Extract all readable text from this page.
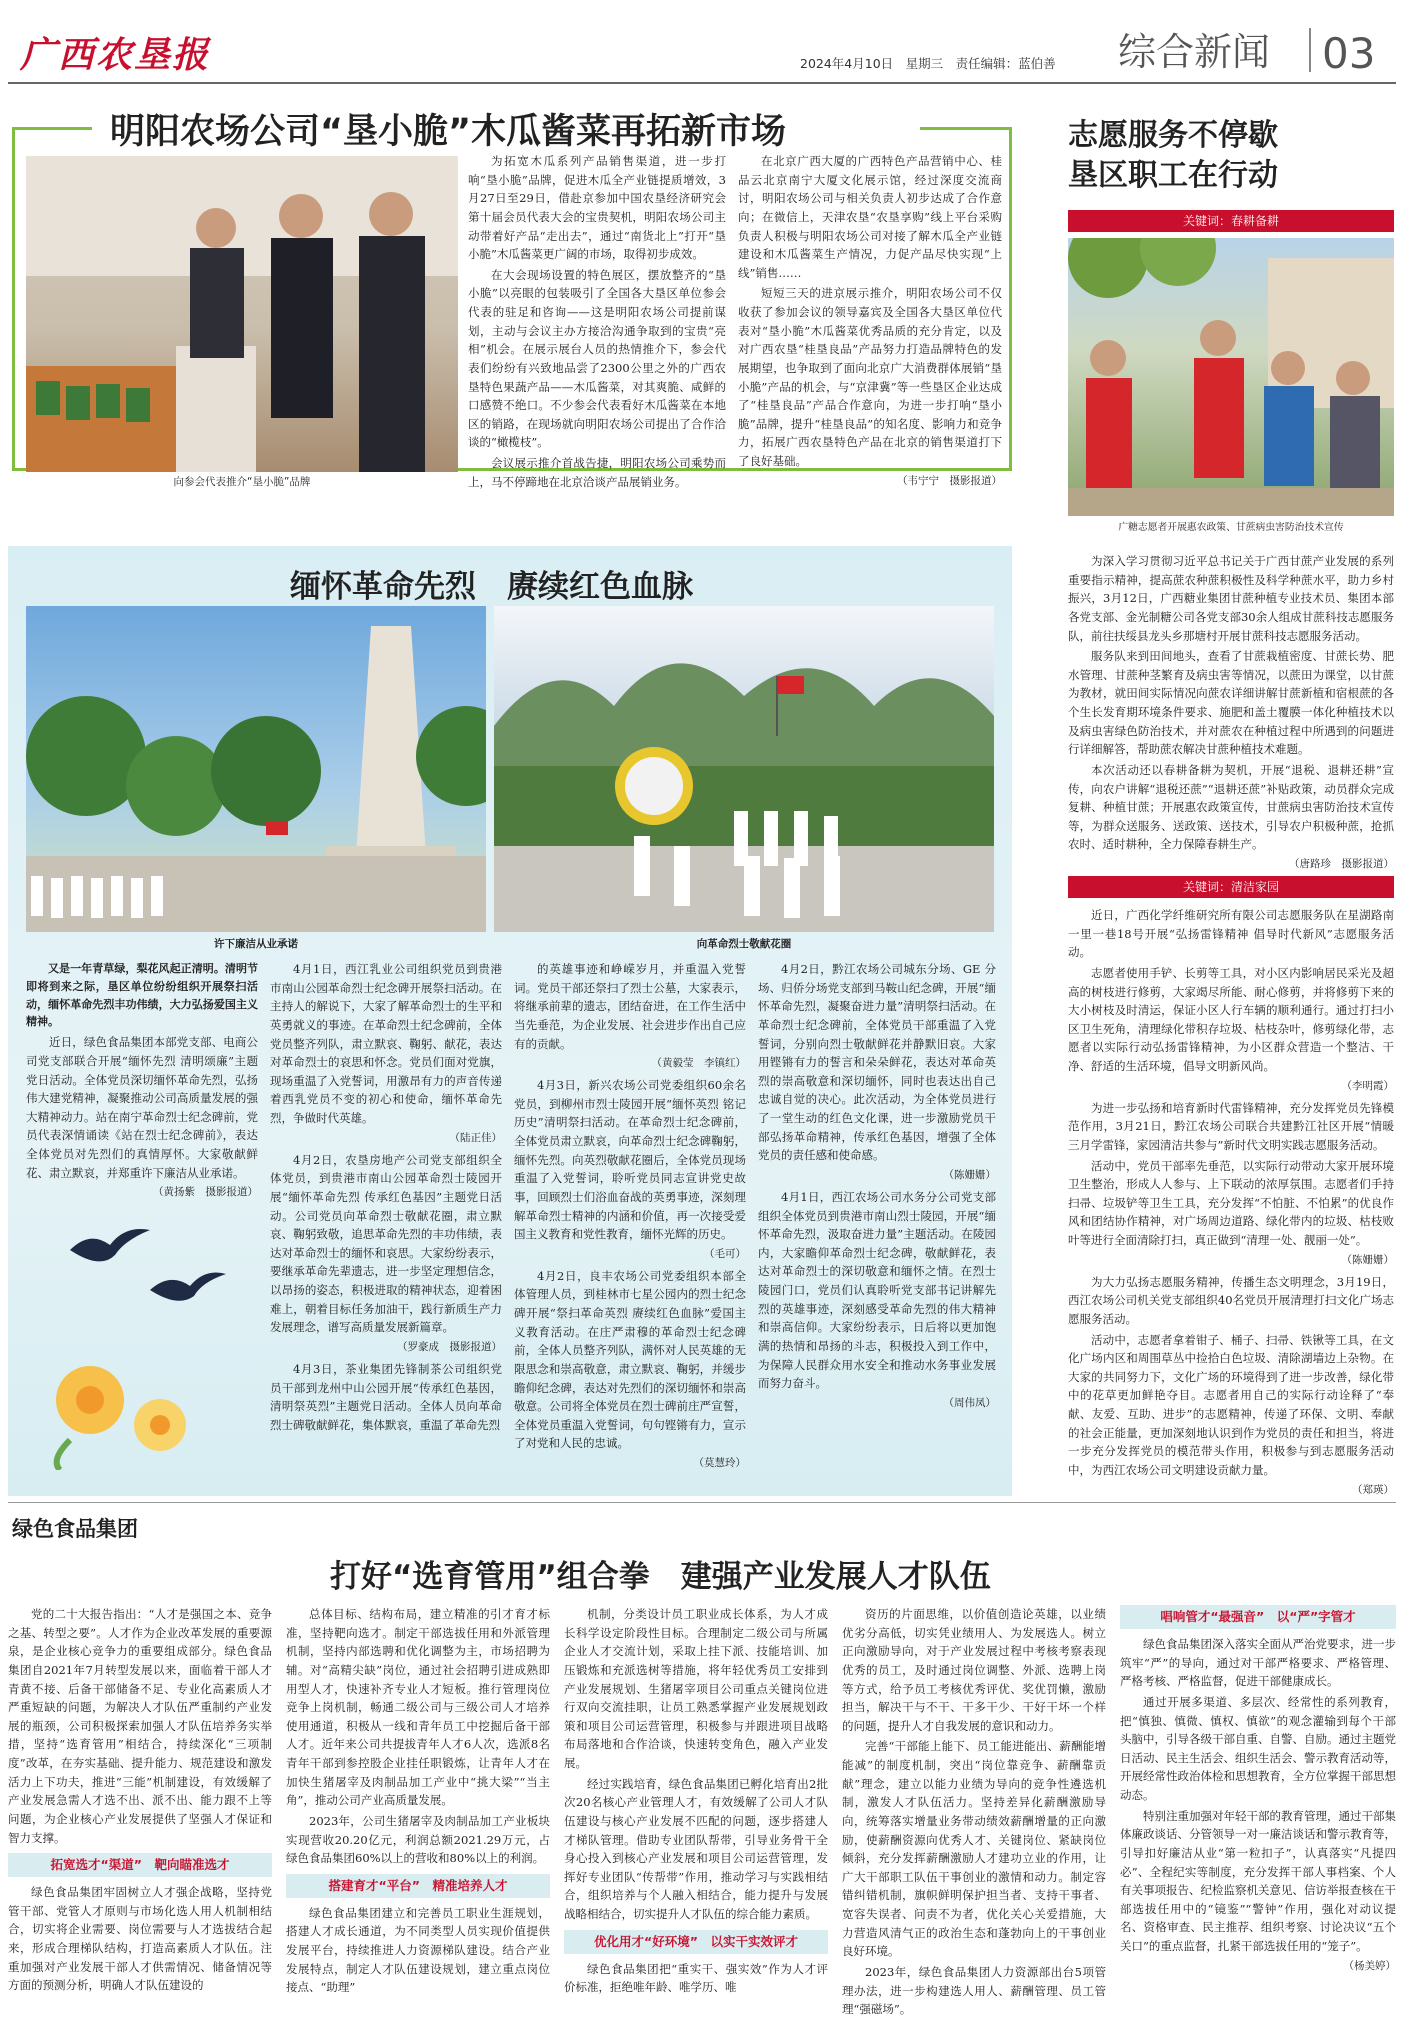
广西农垦报	2024年4月10日　星期三　责任编辑：蓝伯善 综合新闻 03
明阳农场公司“垦小脆”木瓜酱菜再拓新市场
向参会代表推介“垦小脆”品牌

为拓宽木瓜系列产品销售渠道，进一步打响“垦小脆”品牌，促进木瓜全产业链提质增效，3月27日至29日，借赴京参加中国农垦经济研究会第十届会员代表大会的宝贵契机，明阳农场公司主动带着好产品“走出去”，通过“南货北上”打开“垦小脆”木瓜酱菜更广阔的市场，取得初步成效。

在大会现场设置的特色展区，摆放整齐的“垦小脆”以亮眼的包装吸引了全国各大垦区单位参会代表的驻足和咨询——这是明阳农场公司提前谋划，主动与会议主办方接洽沟通争取到的宝贵“亮相”机会。在展示展台人员的热情推介下，参会代表们纷纷有兴致地品尝了2300公里之外的广西农垦特色果蔬产品——木瓜酱菜，对其爽脆、咸鲜的口感赞不绝口。不少参会代表看好木瓜酱菜在本地区的销路，在现场就向明阳农场公司提出了合作洽谈的“橄榄枝”。

会议展示推介首战告捷，明阳农场公司乘势而上，马不停蹄地在北京洽谈产品展销业务。

在北京广西大厦的广西特色产品营销中心、桂品云北京南宁大厦文化展示馆，经过深度交流商讨，明阳农场公司与相关负责人初步达成了合作意向；在微信上，天津农垦“农垦享购”线上平台采购负责人积极与明阳农场公司对接了解木瓜全产业链建设和木瓜酱菜生产情况，力促产品尽快实现“上线”销售……

短短三天的进京展示推介，明阳农场公司不仅收获了参加会议的领导嘉宾及全国各大垦区单位代表对“垦小脆”木瓜酱菜优秀品质的充分肯定，以及对广西农垦“桂垦良品”产品努力打造品牌特色的发展期望，也争取到了面向北京广大消费群体展销“垦小脆”产品的机会，与“京津冀”等一些垦区企业达成了“桂垦良品”产品合作意向，为进一步打响“垦小脆”品牌，提升“桂垦良品”的知名度、影响力和竞争力，拓展广西农垦特色产品在北京的销售渠道打下了良好基础。

（韦宁宁　摄影报道）
志愿服务不停歇
垦区职工在行动
关键词：春耕备耕
广糖志愿者开展惠农政策、甘蔗病虫害防治技术宣传

为深入学习贯彻习近平总书记关于广西甘蔗产业发展的系列重要指示精神，提高蔗农种蔗积极性及科学种蔗水平，助力乡村振兴，3月12日，广西糖业集团甘蔗种植专业技术员、集团本部各党支部、金光制糖公司各党支部30余人组成甘蔗科技志愿服务队，前往扶绥县龙头乡那塘村开展甘蔗科技志愿服务活动。

服务队来到田间地头，查看了甘蔗栽植密度、甘蔗长势、肥水管理、甘蔗种茎繁育及病虫害等情况，以蔗田为课堂，以甘蔗为教材，就田间实际情况向蔗农详细讲解甘蔗新植和宿根蔗的各个生长发育期环境条件要求、施肥和盖土覆膜一体化种植技术以及病虫害绿色防治技术，并对蔗农在种植过程中所遇到的问题进行详细解答，帮助蔗农解决甘蔗种植技术难题。

本次活动还以春耕备耕为契机，开展“退税、退耕还耕”宣传，向农户讲解“退税还蔗”“退耕还蔗”补贴政策，动员群众完成复耕、种植甘蔗；开展惠农政策宣传，甘蔗病虫害防治技术宣传等，为群众送服务、送政策、送技术，引导农户积极种蔗，抢抓农时、适时耕种，全力保障春耕生产。

（唐路珍　摄影报道）
关键词：清洁家园

近日，广西化学纤维研究所有限公司志愿服务队在星湖路南一里一巷18号开展“弘扬雷锋精神 倡导时代新风”志愿服务活动。

志愿者使用手铲、长剪等工具，对小区内影响居民采光及超高的树枝进行修剪，大家竭尽所能、耐心修剪，并将修剪下来的大小树枝及时清运，保证小区人行车辆的顺利通行。通过打扫小区卫生死角，清理绿化带积存垃圾、枯枝杂叶，修剪绿化带，志愿者以实际行动弘扬雷锋精神，为小区群众营造一个整洁、干净、舒适的生活环境，倡导文明新风尚。

（李明霞）

为进一步弘扬和培育新时代雷锋精神，充分发挥党员先锋模范作用，3月21日，黔江农场公司联合共建黔江社区开展“情暖三月学雷锋，家园清洁共参与”新时代文明实践志愿服务活动。

活动中，党员干部率先垂范，以实际行动带动大家开展环境卫生整治，形成人人参与、上下联动的浓厚氛围。志愿者们手持扫帚、垃圾铲等卫生工具，充分发挥“不怕脏、不怕累”的优良作风和团结协作精神，对广场周边道路、绿化带内的垃圾、枯枝败叶等进行全面清除打扫，真正做到“清理一处、靓丽一处”。

（陈姗姗）

为大力弘扬志愿服务精神，传播生态文明理念，3月19日，西江农场公司机关党支部组织40名党员开展清理打扫文化广场志愿服务活动。

活动中，志愿者拿着钳子、桶子、扫帚、铁锹等工具，在文化广场内区和周围草丛中捡拾白色垃圾、清除湖墙边上杂物。在大家的共同努力下，文化广场的环境得到了进一步改善，绿化带中的花草更加鲜艳夺目。志愿者用自己的实际行动诠释了“奉献、友爱、互助、进步”的志愿精神，传递了环保、文明、奉献的社会正能量，更加深刻地认识到作为党员的责任和担当，将进一步充分发挥党员的模范带头作用，积极参与到志愿服务活动中，为西江农场公司文明建设贡献力量。

（郑瑛）
缅怀革命先烈　赓续红色血脉
许下廉洁从业承诺	向革命烈士敬献花圈

又是一年青草绿，梨花风起正清明。清明节即将到来之际，垦区单位纷纷组织开展祭扫活动，缅怀革命先烈丰功伟绩，大力弘扬爱国主义精神。

近日，绿色食品集团本部党支部、电商公司党支部联合开展“缅怀先烈 清明颂廉”主题党日活动。全体党员深切缅怀革命先烈，弘扬伟大建党精神，凝聚推动公司高质量发展的强大精神动力。站在南宁革命烈士纪念碑前，党员代表深情诵读《站在烈士纪念碑前》，表达全体党员对先烈们的真情厚怀。大家敬献鲜花、肃立默哀，并郑重许下廉洁从业承诺。

（黄扬紫　摄影报道）

4月1日，西江乳业公司组织党员到贵港市南山公园革命烈士纪念碑开展祭扫活动。在主持人的解说下，大家了解革命烈士的生平和英勇就义的事迹。在革命烈士纪念碑前，全体党员整齐列队，肃立默哀、鞠躬、献花，表达对革命烈士的哀思和怀念。党员们面对党旗，现场重温了入党誓词，用激昂有力的声音传递着西乳党员不变的初心和使命，缅怀革命先烈，争做时代英雄。

（陆正佳）

4月2日，农垦房地产公司党支部组织全体党员，到贵港市南山公园革命烈士陵园开展“缅怀革命先烈 传承红色基因”主题党日活动。公司党员向革命烈士敬献花圈，肃立默哀、鞠躬致敬，追思革命先烈的丰功伟绩，表达对革命烈士的缅怀和哀思。大家纷纷表示，要继承革命先辈遗志，进一步坚定理想信念，以昂扬的姿态，积极进取的精神状态，迎着困难上，朝着目标任务加油干，践行新质生产力发展理念，谱写高质量发展新篇章。

（罗豪成　摄影报道）

4月3日，茶业集团先锋制茶公司组织党员干部到龙州中山公园开展“传承红色基因，清明祭英烈”主题党日活动。全体人员向革命烈士碑敬献鲜花，集体默哀，重温了革命先烈

的英雄事迹和峥嵘岁月，并重温入党誓词。党员干部还祭扫了烈士公墓，大家表示，将继承前辈的遗志，团结奋进，在工作生活中当先垂范，为企业发展、社会进步作出自己应有的贡献。

（黄毅莹　李镇红）

4月3日，新兴农场公司党委组织60余名党员，到柳州市烈士陵园开展“缅怀英烈 铭记历史”清明祭扫活动。在革命烈士纪念碑前，全体党员肃立默哀，向革命烈士纪念碑鞠躬，缅怀先烈。向英烈敬献花圈后，全体党员现场重温了入党誓词，聆听党员同志宣讲党史故事，回顾烈士们浴血奋战的英勇事迹，深刻理解革命烈士精神的内涵和价值，再一次接受爱国主义教育和党性教育，缅怀光辉的历史。

（毛可）

4月2日，良丰农场公司党委组织本部全体管理人员，到桂林市七星公园内的烈士纪念碑开展“祭扫革命英烈 赓续红色血脉”爱国主义教育活动。在庄严肃穆的革命烈士纪念碑前，全体人员整齐列队，满怀对人民英雄的无限思念和崇高敬意，肃立默哀、鞠躬，并缓步瞻仰纪念碑，表达对先烈们的深切缅怀和崇高敬意。公司将全体党员在烈士碑前庄严宣誓，全体党员重温入党誓词，句句铿锵有力，宣示了对党和人民的忠诚。

（莫慧玲）

4月2日，黔江农场公司城东分场、GE 分场、归侨分场党支部到马鞍山纪念碑，开展“缅怀革命先烈，凝聚奋进力量”清明祭扫活动。在革命烈士纪念碑前，全体党员干部重温了入党誓词，分别向烈士敬献鲜花并静默旧哀。大家用铿锵有力的誓言和朵朵鲜花，表达对革命英烈的崇高敬意和深切缅怀，同时也表达出自己忠诚自觉的决心。此次活动，为全体党员进行了一堂生动的红色文化课，进一步激励党员干部弘扬革命精神，传承红色基因，增强了全体党员的责任感和使命感。

（陈姗姗）

4月1日，西江农场公司水务分公司党支部组织全体党员到贵港市南山烈士陵园，开展“缅怀革命先烈，汲取奋进力量”主题活动。在陵园内，大家瞻仰革命烈士纪念碑，敬献鲜花，表达对革命烈士的深切敬意和缅怀之情。在烈士陵园门口，党员们认真聆听党支部书记讲解先烈的英雄事迹，深刻感受革命先烈的伟大精神和崇高信仰。大家纷纷表示，日后将以更加饱满的热情和昂扬的斗志，积极投入到工作中，为保障人民群众用水安全和推动水务事业发展而努力奋斗。

（周伟凤）
绿色食品集团
打好“选育管用”组合拳　建强产业发展人才队伍

党的二十大报告指出：“人才是强国之本、竞争之基、转型之要”。人才作为企业改革发展的重要源泉，是企业核心竞争力的重要组成部分。绿色食品集团自2021年7月转型发展以来，面临着干部人才青黄不接、后备干部储备不足、专业化高素质人才严重短缺的问题，为解决人才队伍严重制约产业发展的瓶颈，公司积极探索加强人才队伍培养务实举措，坚持“选育管用”相结合，持续深化“三项制度”改革，在夯实基础、提升能力、规范建设和激发活力上下功夫，推进“三能”机制建设，有效缓解了产业发展急需人才选不出、派不出、能力跟不上等问题，为企业核心产业发展提供了坚强人才保证和智力支撑。

拓宽选才“渠道”　靶向瞄准选才

绿色食品集团牢固树立人才强企战略，坚持党管干部、党管人才原则与市场化选人用人机制相结合，切实将企业需要、岗位需要与人才选拔结合起来，形成合理梯队结构，打造高素质人才队伍。注重加强对产业发展干部人才供需情况、储备情况等方面的预测分析，明确人才队伍建设的

总体目标、结构布局，建立精准的引才育才标准，坚持靶向选才。制定干部选拔任用和外派管理机制，坚持内部选聘和优化调整为主，市场招聘为辅。对“高精尖缺”岗位，通过社会招聘引进成熟即用型人才，快速补齐专业人才短板。推行管理岗位竞争上岗机制，畅通二级公司与三级公司人才培养使用通道，积极从一线和青年员工中挖掘后备干部人才。近年来公司共提拔青年人才6人次，选派8名青年干部到参控股企业挂任职锻炼，让青年人才在加快生猪屠宰及肉制品加工产业中“挑大梁”“当主角”，推动公司产业高质量发展。

2023年，公司生猪屠宰及肉制品加工产业板块实现营收20.20亿元，利润总额2021.29万元，占绿色食品集团60%以上的营收和80%以上的利润。

搭建育才“平台”　精准培养人才

绿色食品集团建立和完善员工职业生涯规划，搭建人才成长通道，为不同类型人员实现价值提供发展平台，持续推进人力资源梯队建设。结合产业发展特点，制定人才队伍建设规划，建立重点岗位接点、“助理”

机制，分类设计员工职业成长体系，为人才成长科学设定阶段性目标。合理制定二级公司与所属企业人才交流计划，采取上挂下派、技能培训、加压锻炼和充派选树等措施，将年轻优秀员工安排到产业发展规划、生猪屠宰项目公司重点关键岗位进行双向交流挂职，让员工熟悉掌握产业发展规划政策和项目公司运营管理，积极参与并跟进项目战略布局落地和合作洽谈，快速转变角色，融入产业发展。

经过实践培育，绿色食品集团已孵化培育出2批次20名核心产业管理人才，有效缓解了公司人才队伍建设与核心产业发展不匹配的问题，逐步搭建人才梯队管理。借助专业团队帮带，引导业务骨干全身心投入到核心产业发展和项目公司运营管理，发挥好专业团队“传帮带”作用，推动学习与实践相结合，组织培养与个人融入相结合，能力提升与发展战略相结合，切实提升人才队伍的综合能力素质。

优化用才“好环境”　以实干实效评才

绿色食品集团把“重实干、强实效”作为人才评价标准，拒绝唯年龄、唯学历、唯

资历的片面思维，以价值创造论英雄，以业绩优劣分高低，切实凭业绩用人、为发展选人。树立正向激励导向，对于产业发展过程中考核考察表现优秀的员工，及时通过岗位调整、外派、选聘上岗等方式，给予员工考核优秀评优、奖优罚懒，激励担当，解决干与不干、干多干少、干好干坏一个样的问题，提升人才自我发展的意识和动力。

完善“干部能上能下、员工能进能出、薪酬能增能减”的制度机制，突出“岗位靠竞争、薪酬靠贡献”理念，建立以能力业绩为导向的竞争性遴选机制，激发人才队伍活力。坚持差异化薪酬激励导向，统筹落实增量业务带动绩效薪酬增量的正向激励，使薪酬资源向优秀人才、关键岗位、紧缺岗位倾斜，充分发挥薪酬激励人才建功立业的作用，让广大干部职工队伍干事创业的激情和动力。制定容错纠错机制，旗帜鲜明保护担当者、支持干事者、宽容失误者、问责不为者，优化关心关爱措施，大力营造风清气正的政治生态和蓬勃向上的干事创业良好环境。

2023年，绿色食品集团人力资源部出台5项管理办法，进一步构建选人用人、薪酬管理、员工管理“强磁场”。

唱响管才“最强音”　以“严”字管才

绿色食品集团深入落实全面从严治党要求，进一步筑牢“严”的导向，通过对干部严格要求、严格管理、严格考核、严格监督，促进干部健康成长。

通过开展多渠道、多层次、经常性的系列教育，把“慎独、慎微、慎权、慎欲”的观念灌输到每个干部头脑中，引导各级干部自重、自警、自励。通过主题党日活动、民主生活会、组织生活会、警示教育活动等，开展经常性政治体检和思想教育，全方位掌握干部思想动态。

特别注重加强对年轻干部的教育管理，通过干部集体廉政谈话、分管领导一对一廉洁谈话和警示教育等，引导扣好廉洁从业“第一粒扣子”，认真落实“凡提四必”、全程纪实等制度，充分发挥干部人事档案、个人有关事项报告、纪检监察机关意见、信访举报查核在干部选拔任用中的“镜鉴”“警钟”作用，强化对动议提名、资格审查、民主推荐、组织考察、讨论决议“五个关口”的重点监督，扎紧干部选拔任用的“笼子”。

（杨美婷）
